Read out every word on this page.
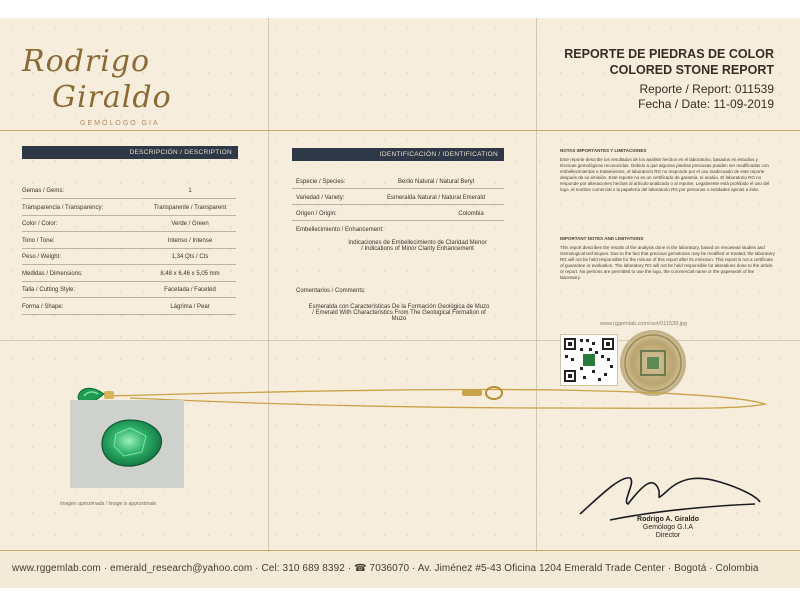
Rodrigo
Giraldo
GEMÓLOGO GIA
REPORTE DE PIEDRAS DE COLOR
COLORED STONE REPORT
Reporte / Report: 011539
Fecha / Date: 11-09-2019
DESCRIPCIÓN / DESCRIPTION
Gemas / Gems:	1
Transparencia / Transparency:	Transparente / Transparent
Color / Color:	Verde / Green
Tono / Tone:	Intenso / Intense
Peso / Weight:	1,34 Qts / Cts
Medidas / Dimensions:	8,48 x 6,46 x 5,05 mm
Talla / Cutting Style:	Facetada / Faceted
Forma / Shape:	Lágrima / Pear
IDENTIFICACIÓN / IDENTIFICATION
Especie / Species:	Berilo Natural / Natural Beryl
Variedad / Variety:	Esmeralda Natural / Natural Emerald
Origen / Origin:	Colombia
Embellecimiento / Enhancement:
Indicaciones de Embellecimiento de Claridad Menor
/ Indications of Minor Clarity Enhancement
Comentarios / Comments:
Esmeralda con Características De la Formación Geológica de Muzo
/ Emerald With Characteristics From The Geological Formation of
Muzo
NOTAS IMPORTANTES Y LIMITACIONES
Este reporte describe los resultados de los análisis hechos en el laboratorio, basados en estudios y técnicas gemológicas reconocidas. Debido a que algunas piedras preciosas pueden ser modificadas con embellecimientos o tratamientos, el laboratorio RG no responde por el uso inadecuado de este reporte después de su emisión. Este reporte no es un certificado de garantía, ni avalúo. El laboratorio RG no responde por alteraciones hechas al artículo analizado o al reporte. Legalmente está prohibido el uso del logo, el nombre comercial o la papelería del laboratorio RG por personas o entidades ajenas a éste.
IMPORTANT NOTES AND LIMITATIONS
This report describes the results of the analysis done in the laboratory, based on renowned studies and Gemological techniques. Due to the fact that precious gemstones may be modified or treated, the laboratory RG will not be held responsible for the misuse of this report after its emission. This report is not a certificate of guarantee or evaluation. The laboratory RG will not be held responsible for alterations done to the article or report. No persons are permitted to use the logo, the commercial name or the paperwork of the laboratory.
www.rggemlab.com/cert/011539.jpg
Imagen aproximada / Image is approximate
Rodrigo A. Giraldo
Gemólogo G.I.A
Director
www.rggemlab.com · emerald_research@yahoo.com · Cel: 310 689 8392 · ☎ 7036070 · Av. Jiménez #5-43 Oficina 1204 Emerald Trade Center · Bogotá · Colombia
